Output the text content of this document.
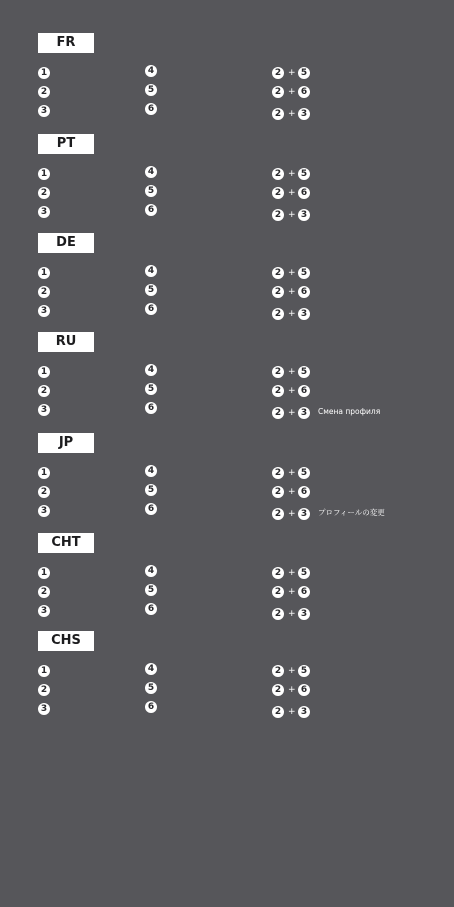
FR
1	4	2 + 5
2	5	2 + 6
3	6	2 + 3
PT
1	4	2 + 5
2	5	2 + 6
3	6	2 + 3
DE
1	4	2 + 5
2	5	2 + 6
3	6	2 + 3
RU
1	4	2 + 5
2	5	2 + 6
3	6	2 + 3	Смена профиля
JP
1	4	2 + 5
2	5	2 + 6
3	6	2 + 3	プロフィールの変更
CHT
1	4	2 + 5
2	5	2 + 6
3	6	2 + 3
CHS
1	4	2 + 5
2	5	2 + 6
3	6	2 + 3
